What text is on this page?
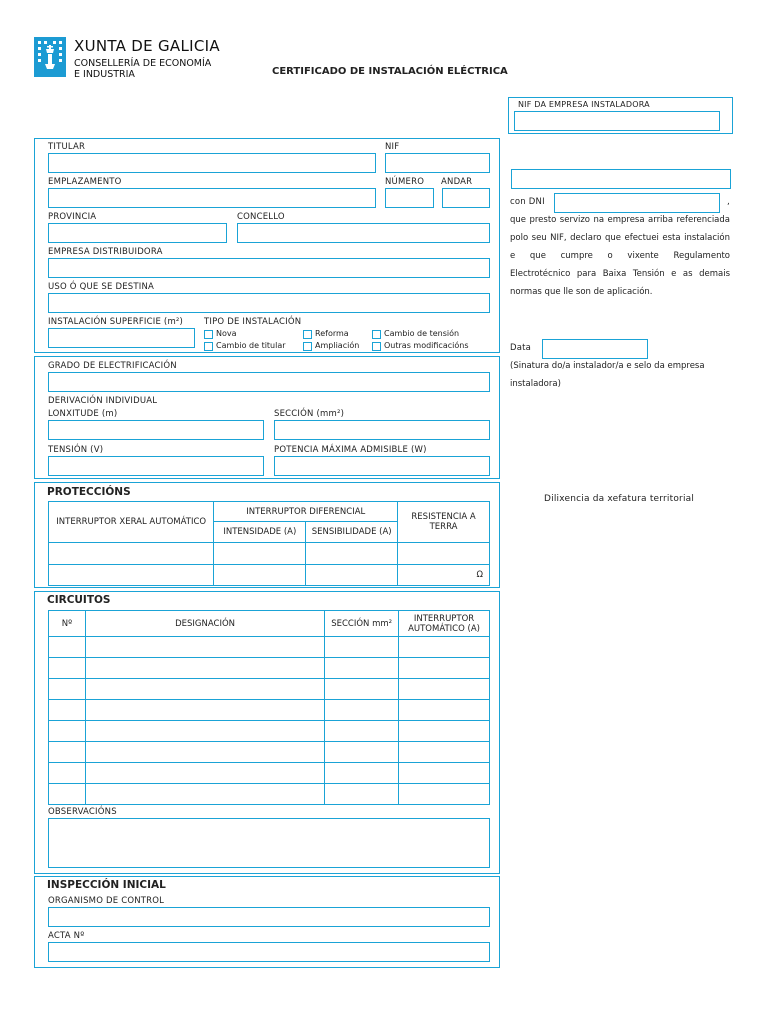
XUNTA DE GALICIA
CONSELLERÍA DE ECONOMÍA
E INDUSTRIA	CERTIFICADO DE INSTALACIÓN ELÉCTRICA
NIF DA EMPRESA INSTALADORA
TITULAR	NIF
EMPLAZAMENTO	NÚMERO ANDAR
PROVINCIA	CONCELLO
EMPRESA DISTRIBUIDORA
USO Ó QUE SE DESTINA
INSTALACIÓN SUPERFICIE (m²) TIPO DE INSTALACIÓN
Nova	Reforma	Cambio de tensión
Cambio de titular	Ampliación	Outras modificacións
GRADO DE ELECTRIFICACIÓN
DERIVACIÓN INDIVIDUAL
LONXITUDE (m)	SECCIÓN (mm²)
TENSIÓN (V)	POTENCIA MÁXIMA ADMISIBLE (W)
PROTECCIÓNS
INTERRUPTOR XERAL AUTOMÁTICO	INTERRUPTOR DIFERENCIAL		RESISTENCIA A TERRA
	INTENSIDADE (A)	SENSIBILIDADE (A)	

			Ω
CIRCUITOS
Nº	DESIGNACIÓN	SECCIÓN mm²	INTERRUPTOR AUTOMÁTICO (A)

OBSERVACIÓNS
INSPECCIÓN INICIAL
ORGANISMO DE CONTROL
ACTA Nº
con DNI	,
que presto servizo na empresa arriba referenciada polo seu NIF, declaro que efectuei esta instalación e que cumpre o vixente Regulamento Electrotécnico para Baixa Tensión e as demais normas que lle son de aplicación.
Data
(Sinatura do/a instalador/a e selo da empresa instaladora)
Dilixencia da xefatura territorial
